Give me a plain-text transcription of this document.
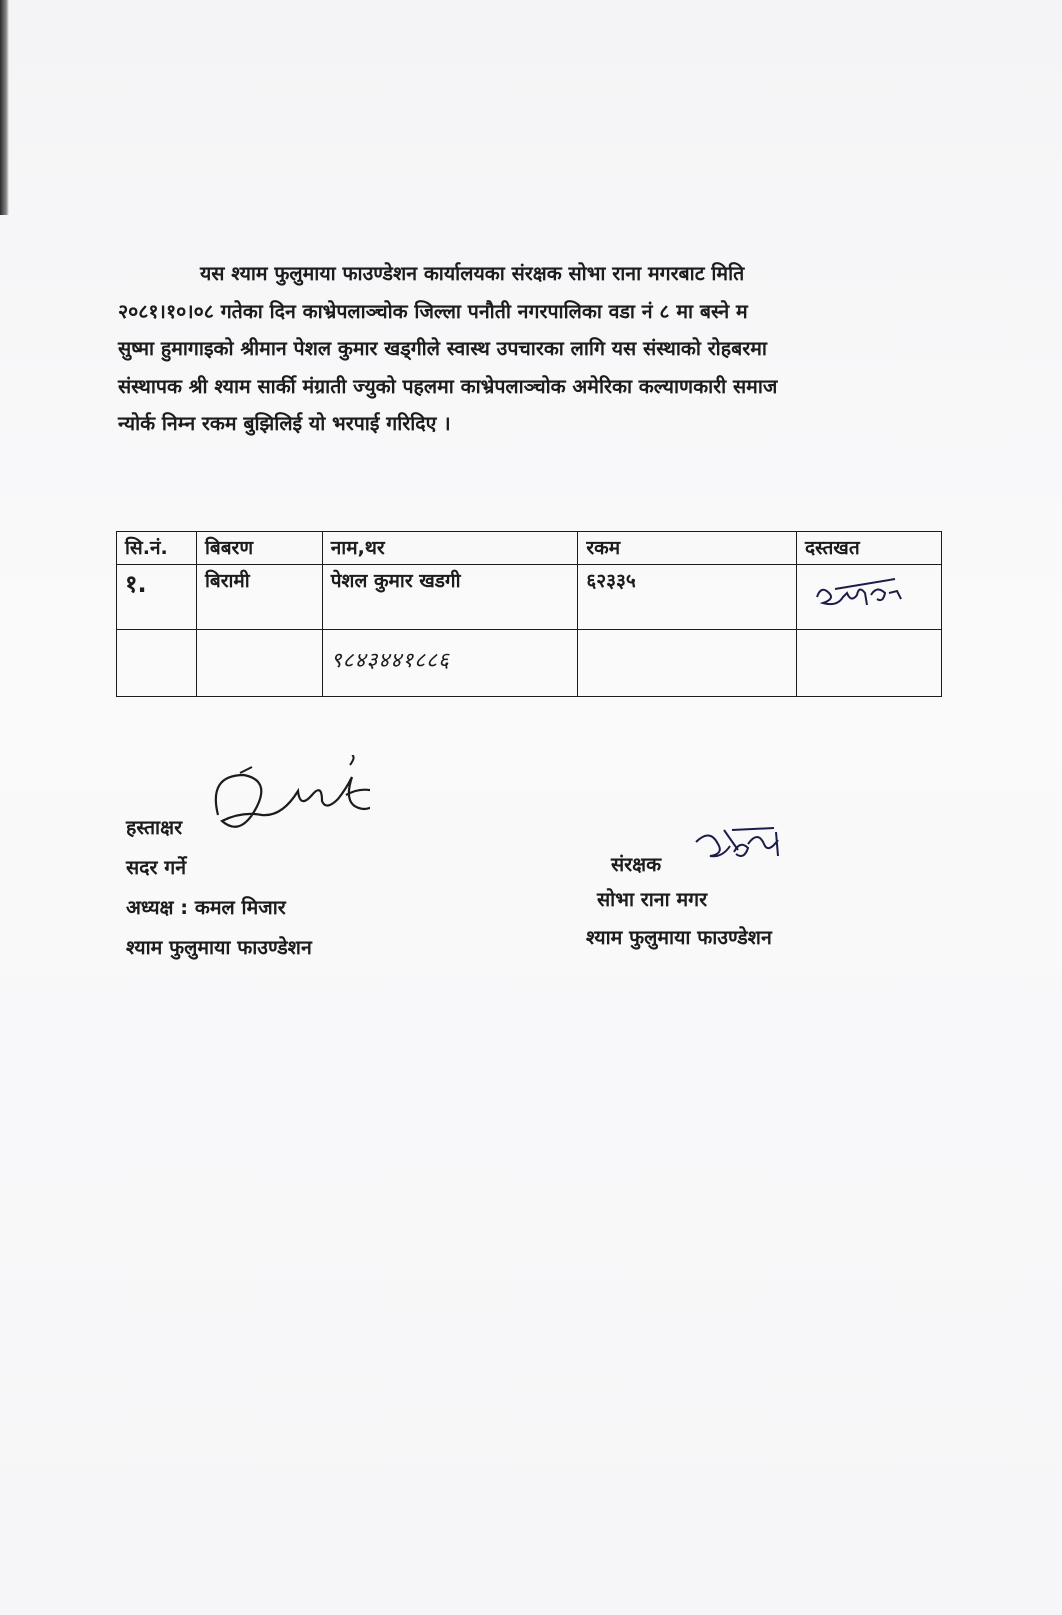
यस श्याम फुलुमाया फाउण्डेशन कार्यालयका संरक्षक सोभा राना मगरबाट मिति
२०८१।१०।०८ गतेका दिन काभ्रेपलाञ्चोक जिल्ला पनौती नगरपालिका वडा नं ८ मा बस्ने म
सुष्मा हुमागाइको श्रीमान पेशल कुमार खड्गीले स्वास्थ उपचारका लागि यस संस्थाको रोहबरमा
संस्थापक श्री श्याम सार्की मंग्राती ज्युको पहलमा काभ्रेपलाञ्चोक अमेरिका कल्याणकारी समाज
न्योर्क निम्न रकम बुझिलिई यो भरपाई गरिदिए ।
सि.नं.	बिबरण	नाम,थर	रकम	दस्तखत
१.	बिरामी	पेशल कुमार खडगी	६२३३५	
		९८४३४४१८८६		
हस्ताक्षर
सदर गर्ने
अध्यक्ष : कमल मिजार
श्याम फुलुमाया फाउण्डेशन
संरक्षक
सोभा राना मगर
श्याम फुलुमाया फाउण्डेशन
